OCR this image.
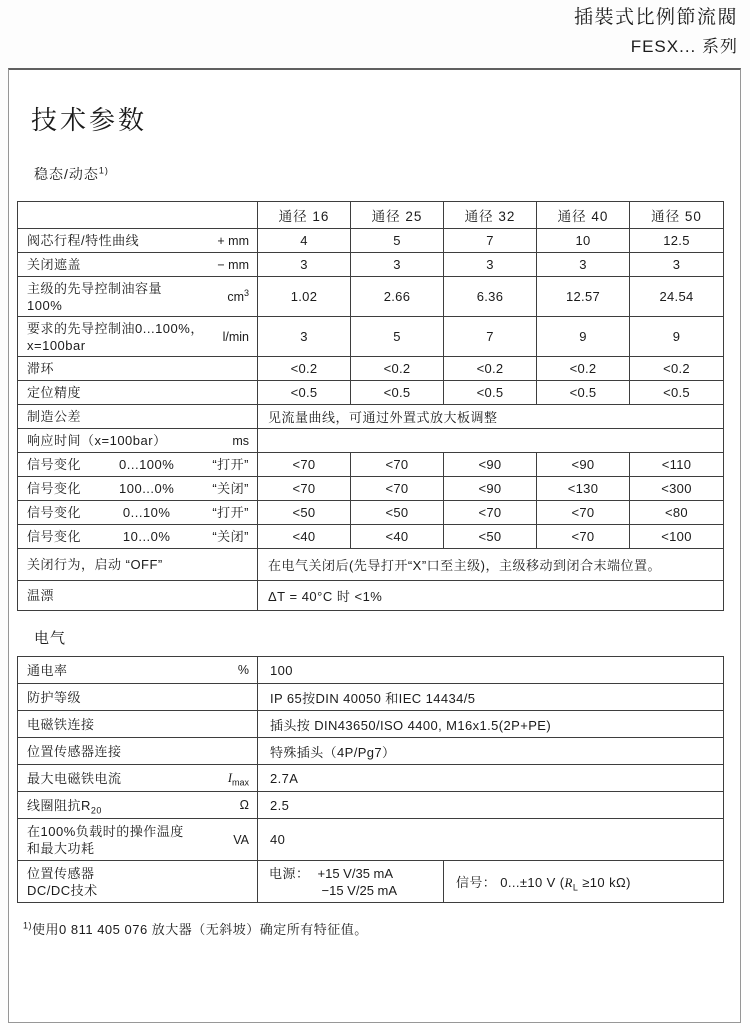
插裝式比例節流閥
FESX... 系列
技术参数
稳态/动态$^{1)}$
	通径 16	通径 25	通径 32	通径 40	通径 50

阀芯行程/特性曲线 + mm	4	5	7	10	12.5

关闭遮盖 − mm	3	3	3	3	3

主级的先导控制油容量
100%
$cm^3$	1.02	2.66	6.36	12.57	24.54

要求的先导控制油0...100%，
x=100bar
l/min	3	5	7	9	9

滞环	<0.2	<0.2	<0.2	<0.2	<0.2

定位精度	<0.5	<0.5	<0.5	<0.5	<0.5

制造公差	见流量曲线，可通过外置式放大板调整				

响应时间（x=100bar） ms					

信号变化 0...100% “打开”	<70	<70	<90	<90	<110

信号变化 100...0% “关闭”	<70	<70	<90	<130	<300

信号变化 0...10% “打开”	<50	<50	<70	<70	<80

信号变化 10...0% “关闭”	<40	<40	<50	<70	<100

关闭行为，启动 “OFF”	在电气关闭后(先导打开“X”口至主级)，主级移动到闭合末端位置。				

温漂	ΔT = 40°C 时 <1%				
电气
通电率 %	100	

防护等级	IP 65按DIN 40050 和IEC 14434/5	

电磁铁连接	插头按 DIN43650/ISO 4400, M16x1.5(2P+PE)	

位置传感器连接	特殊插头（4P/Pg7）	

最大电磁铁电流 $I_{max}$	2.7A	

线圈阻抗$R_{20}$ Ω	2.5	

在100%负载时的操作温度
和最大功耗
VA	40	

位置传感器
DC/DC技术	电源： +15 V/35 mA
−15 V/25 mA	信号： 0...±10 V ($R_L \ge 10$ kΩ)
$^{1)}$使用0 811 405 076 放大器（无斜坡）确定所有特征值。
